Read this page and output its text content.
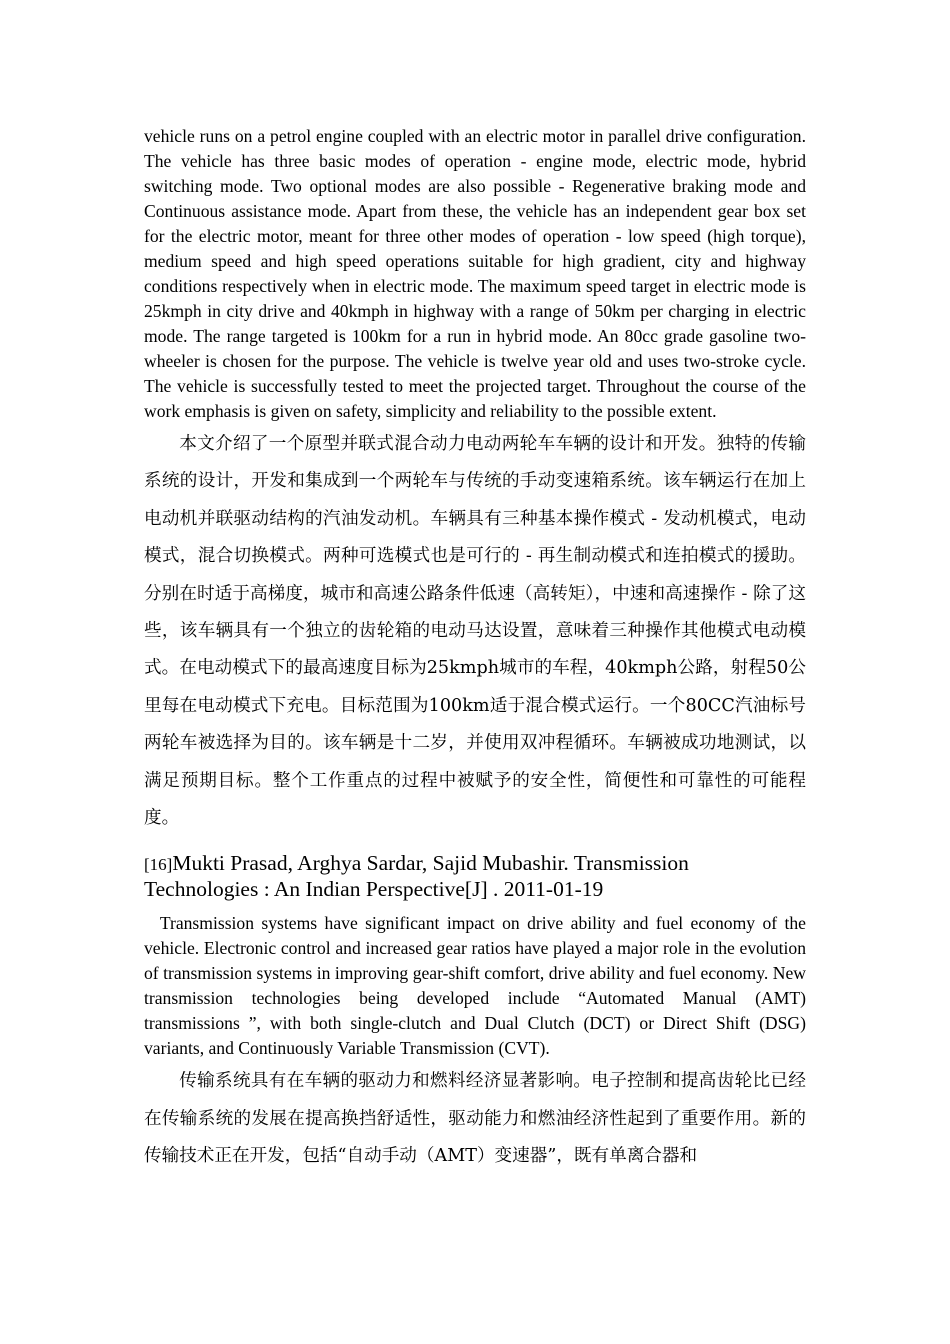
vehicle runs on a petrol engine coupled with an electric motor in parallel drive configuration. The vehicle has three basic modes of operation - engine mode, electric mode, hybrid switching mode. Two optional modes are also possible - Regenerative braking mode and Continuous assistance mode. Apart from these, the vehicle has an independent gear box set for the electric motor, meant for three other modes of operation - low speed (high torque), medium speed and high speed operations suitable for high gradient, city and highway conditions respectively when in electric mode. The maximum speed target in electric mode is 25kmph in city drive and 40kmph in highway with a range of 50km per charging in electric mode. The range targeted is 100km for a run in hybrid mode. An 80cc grade gasoline two-wheeler is chosen for the purpose. The vehicle is twelve year old and uses two-stroke cycle. The vehicle is successfully tested to meet the projected target. Throughout the course of the work emphasis is given on safety, simplicity and reliability to the possible extent.

本文介绍了一个原型并联式混合动力电动两轮车车辆的设计和开发。独特的传输系统的设计，开发和集成到一个两轮车与传统的手动变速箱系统。该车辆运行在加上电动机并联驱动结构的汽油发动机。车辆具有三种基本操作模式 - 发动机模式，电动模式，混合切换模式。两种可选模式也是可行的 - 再生制动模式和连拍模式的援助。分别在时适于高梯度，城市和高速公路条件低速（高转矩），中速和高速操作 - 除了这些，该车辆具有一个独立的齿轮箱的电动马达设置，意味着三种操作其他模式电动模式。在电动模式下的最高速度目标为25kmph城市的车程，40kmph公路，射程50公里每在电动模式下充电。目标范围为100km适于混合模式运行。一个80CC汽油标号两轮车被选择为目的。该车辆是十二岁，并使用双冲程循环。车辆被成功地测试，以满足预期目标。整个工作重点的过程中被赋予的安全性，简便性和可靠性的可能程度。

[16]Mukti Prasad, Arghya Sardar, Sajid Mubashir. Transmission Technologies : An Indian Perspective[J] . 2011-01-19

Transmission systems have significant impact on drive ability and fuel economy of the vehicle. Electronic control and increased gear ratios have played a major role in the evolution of transmission systems in improving gear-shift comfort, drive ability and fuel economy. New transmission technologies being developed include “Automated Manual (AMT) transmissions ”, with both single-clutch and Dual Clutch (DCT) or Direct Shift (DSG) variants, and Continuously Variable Transmission (CVT).

传输系统具有在车辆的驱动力和燃料经济显著影响。电子控制和提高齿轮比已经在传输系统的发展在提高换挡舒适性，驱动能力和燃油经济性起到了重要作用。新的传输技术正在开发，包括“自动手动（AMT）变速器”，既有单离合器和
